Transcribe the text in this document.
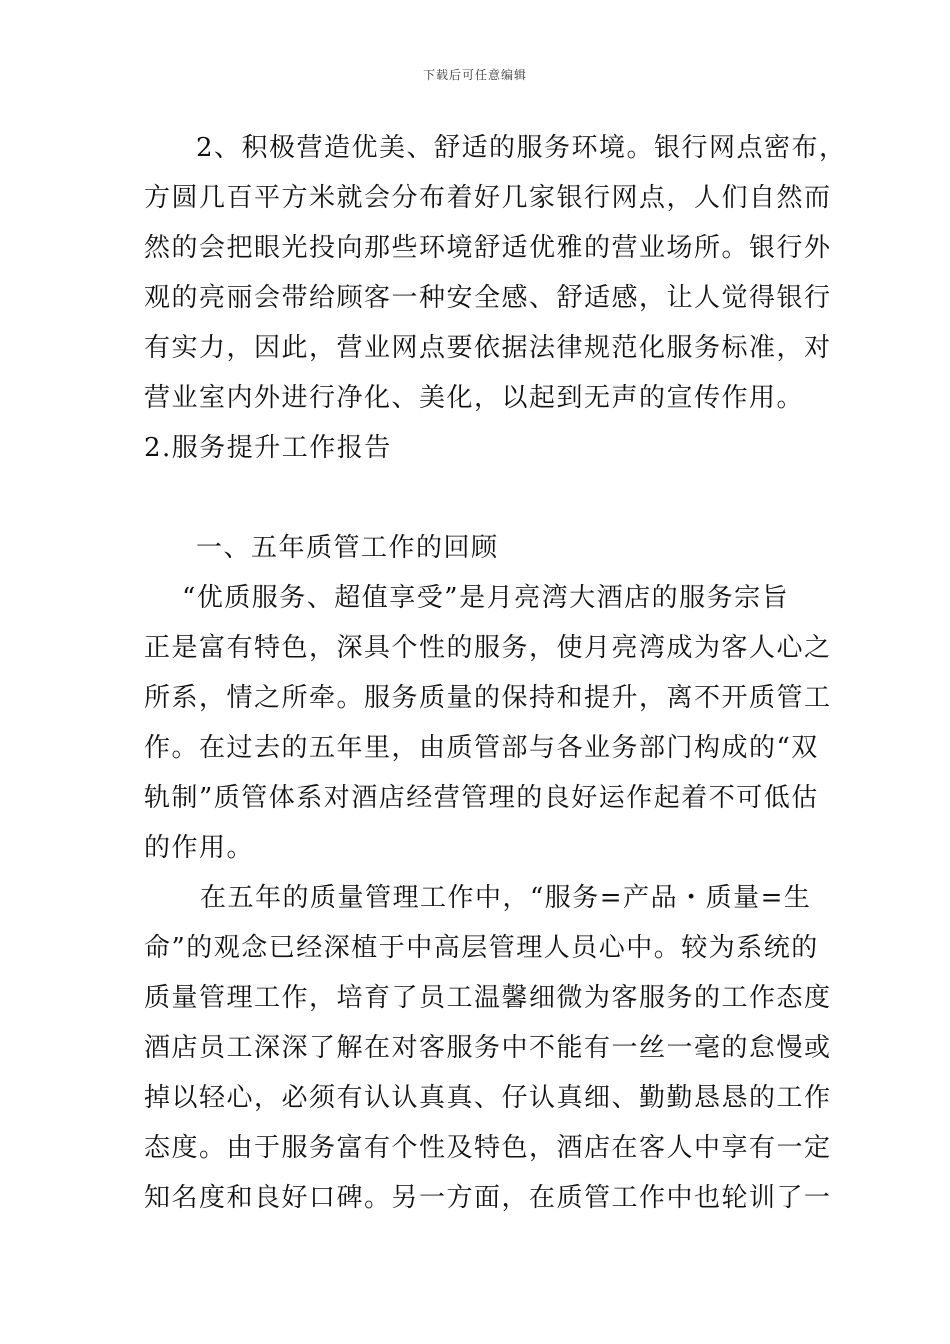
下载后可任意编辑
2、积极营造优美、舒适的服务环境。银行网点密布，
方圆几百平方米就会分布着好几家银行网点，人们自然而
然的会把眼光投向那些环境舒适优雅的营业场所。银行外
观的亮丽会带给顾客一种安全感、舒适感，让人觉得银行
有实力，因此，营业网点要依据法律规范化服务标准，对
营业室内外进行净化、美化，以起到无声的宣传作用。
2.服务提升工作报告
一、五年质管工作的回顾
“优质服务、超值享受”是月亮湾大酒店的服务宗旨
正是富有特色，深具个性的服务，使月亮湾成为客人心之
所系，情之所牵。服务质量的保持和提升，离不开质管工
作。在过去的五年里，由质管部与各业务部门构成的“双
轨制”质管体系对酒店经营管理的良好运作起着不可低估
的作用。
在五年的质量管理工作中，“服务=产品・质量=生
命”的观念已经深植于中高层管理人员心中。较为系统的
质量管理工作，培育了员工温馨细微为客服务的工作态度
酒店员工深深了解在对客服务中不能有一丝一毫的怠慢或
掉以轻心，必须有认认真真、仔认真细、勤勤恳恳的工作
态度。由于服务富有个性及特色，酒店在客人中享有一定
知名度和良好口碑。另一方面，在质管工作中也轮训了一
